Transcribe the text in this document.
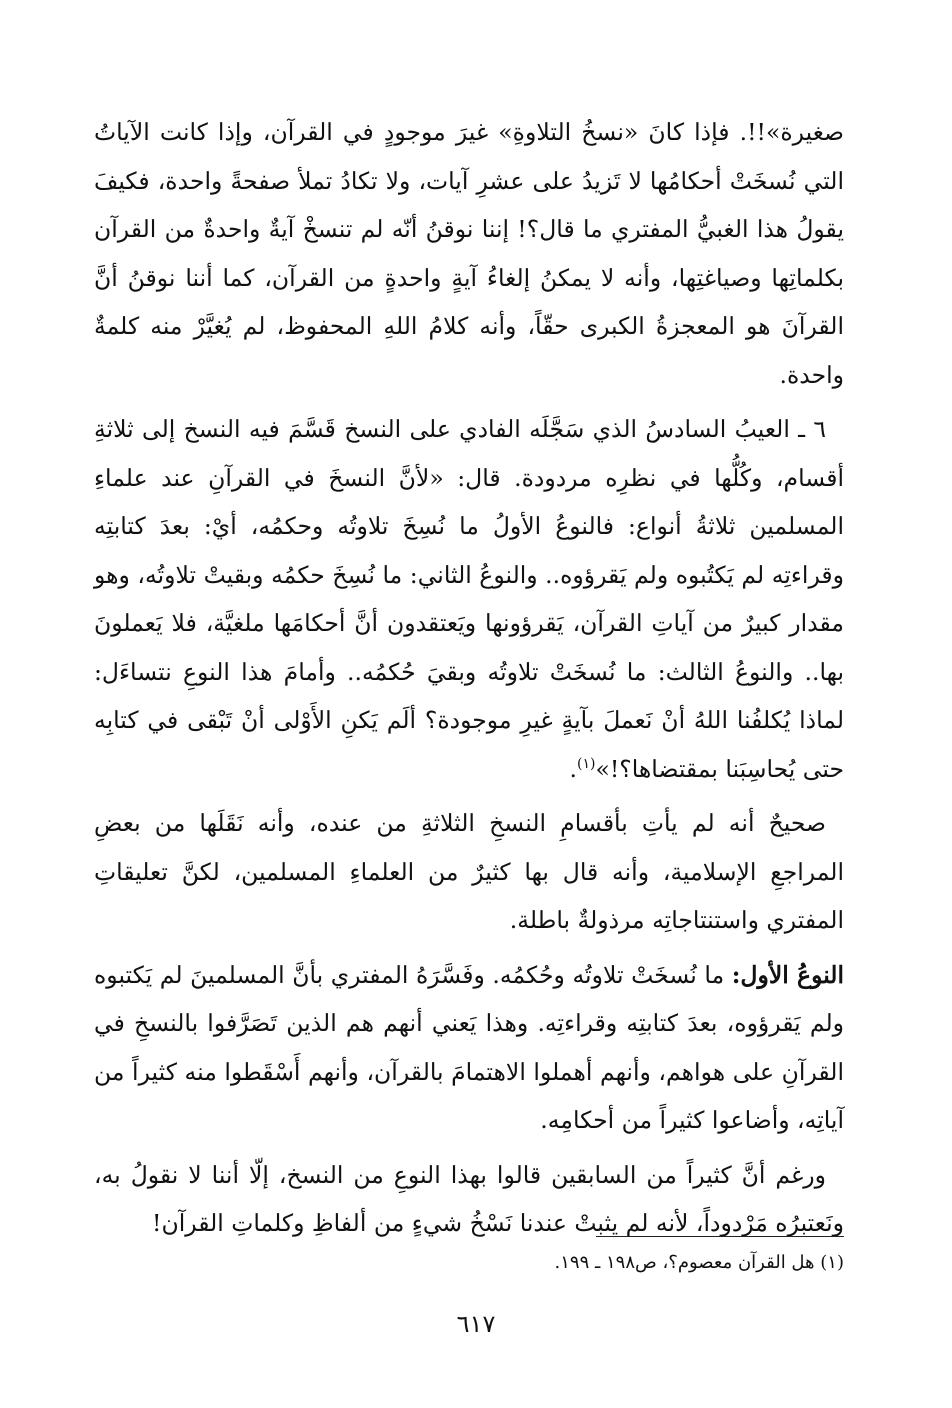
صغيرة»!!. فإذا كانَ «نسخُ التلاوةِ» غيرَ موجودٍ في القرآن، وإذا كانت الآياتُ التي نُسخَتْ أحكامُها لا تَزيدُ على عشرِ آيات، ولا تكادُ تملأ صفحةً واحدة، فكيفَ يقولُ هذا الغبيُّ المفتري ما قال؟! إننا نوقنُ أنّه لم تنسخْ آيةٌ واحدةٌ من القرآن بكلماتِها وصياغتِها، وأنه لا يمكنُ إلغاءُ آيةٍ واحدةٍ من القرآن، كما أننا نوقنُ أنَّ القرآنَ هو المعجزةُ الكبرى حقّاً، وأنه كلامُ اللهِ المحفوظ، لم يُغيَّرْ منه كلمةٌ واحدة.

٦ ـ العيبُ السادسُ الذي سَجَّلَه الفادي على النسخ قَسَّمَ فيه النسخ إلى ثلاثةِ أقسام، وكُلُّها في نظرِه مردودة. قال: «لأنَّ النسخَ في القرآنِ عند علماءِ المسلمين ثلاثةُ أنواع: فالنوعُ الأولُ ما نُسِخَ تلاوتُه وحكمُه، أيْ: بعدَ كتابتِه وقراءتِه لم يَكتُبوه ولم يَقرؤوه.. والنوعُ الثاني: ما نُسِخَ حكمُه وبقيتْ تلاوتُه، وهو مقدار كبيرٌ من آياتِ القرآن، يَقرؤونها ويَعتقدون أنَّ أحكامَها ملغيَّة، فلا يَعملونَ بها.. والنوعُ الثالث: ما نُسخَتْ تلاوتُه وبقيَ حُكمُه.. وأمامَ هذا النوعِ نتساءَل: لماذا يُكلفُنا اللهُ أنْ نَعملَ بآيةٍ غيرِ موجودة؟ ألَم يَكنِ الأَوْلى أنْ تَبْقى في كتابِه حتى يُحاسِبَنا بمقتضاها؟!»$^{(١)}$.

صحيحٌ أنه لم يأتِ بأقسامِ النسخِ الثلاثةِ من عنده، وأنه نَقَلَها من بعضِ المراجعِ الإسلامية، وأنه قال بها كثيرٌ من العلماءِ المسلمين، لكنَّ تعليقاتِ المفتري واستنتاجاتِه مرذولةٌ باطلة.

النوعُ الأول: ما نُسخَتْ تلاوتُه وحُكمُه. وفَسَّرَهُ المفتري بأنَّ المسلمينَ لم يَكتبوه ولم يَقرؤوه، بعدَ كتابتِه وقراءتِه. وهذا يَعني أنهم هم الذين تَصَرَّفوا بالنسخِ في القرآنِ على هواهم، وأنهم أهملوا الاهتمامَ بالقرآن، وأنهم أَسْقَطوا منه كثيراً من آياتِه، وأضاعوا كثيراً من أحكامِه.

ورغم أنَّ كثيراً من السابقين قالوا بهذا النوعِ من النسخ، إلّا أننا لا نقولُ به، ونَعتبرُه مَرْدوداً، لأنه لم يثبتْ عندنا نَسْخُ شيءٍ من ألفاظِ وكلماتِ القرآن!

(١) هل القرآن معصوم؟، ص١٩٨ ـ ١٩٩.
٦١٧
